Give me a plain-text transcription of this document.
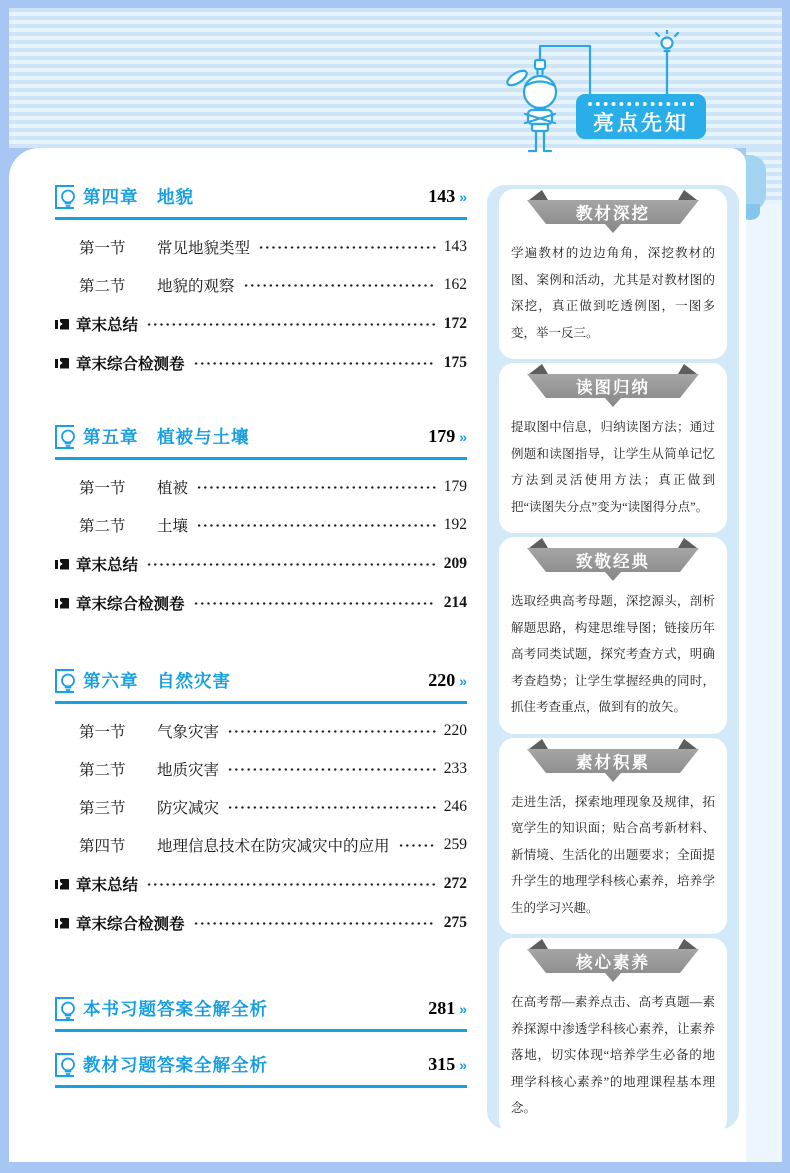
亮点先知
第四章　地貌	143 »
第一节	常见地貌类型	143
第二节	地貌的观察	162
章末总结	172
章末综合检测卷	175
第五章　植被与土壤	179 »
第一节	植被	179
第二节	土壤	192
章末总结	209
章末综合检测卷	214
第六章　自然灾害	220 »
第一节	气象灾害	220
第二节	地质灾害	233
第三节	防灾减灾	246
第四节	地理信息技术在防灾减灾中的应用	259
章末总结	272
章末综合检测卷	275
本书习题答案全解全析	281 »
教材习题答案全解全析	315 »
教材深挖
学遍教材的边边角角，深挖教材的图、案例和活动，尤其是对教材图的深挖，真正做到吃透例图，一图多变，举一反三。
读图归纳
提取图中信息，归纳读图方法；通过例题和读图指导，让学生从简单记忆方法到灵活使用方法；真正做到把“读图失分点”变为“读图得分点”。
致敬经典
选取经典高考母题，深挖源头，剖析解题思路，构建思维导图；链接历年高考同类试题，探究考查方式，明确考查趋势；让学生掌握经典的同时，抓住考查重点，做到有的放矢。
素材积累
走进生活，探索地理现象及规律，拓宽学生的知识面；贴合高考新材料、新情境、生活化的出题要求；全面提升学生的地理学科核心素养，培养学生的学习兴趣。
核心素养
在高考帮—素养点击、高考真题—素养探源中渗透学科核心素养，让素养落地，切实体现“培养学生必备的地理学科核心素养”的地理课程基本理念。
